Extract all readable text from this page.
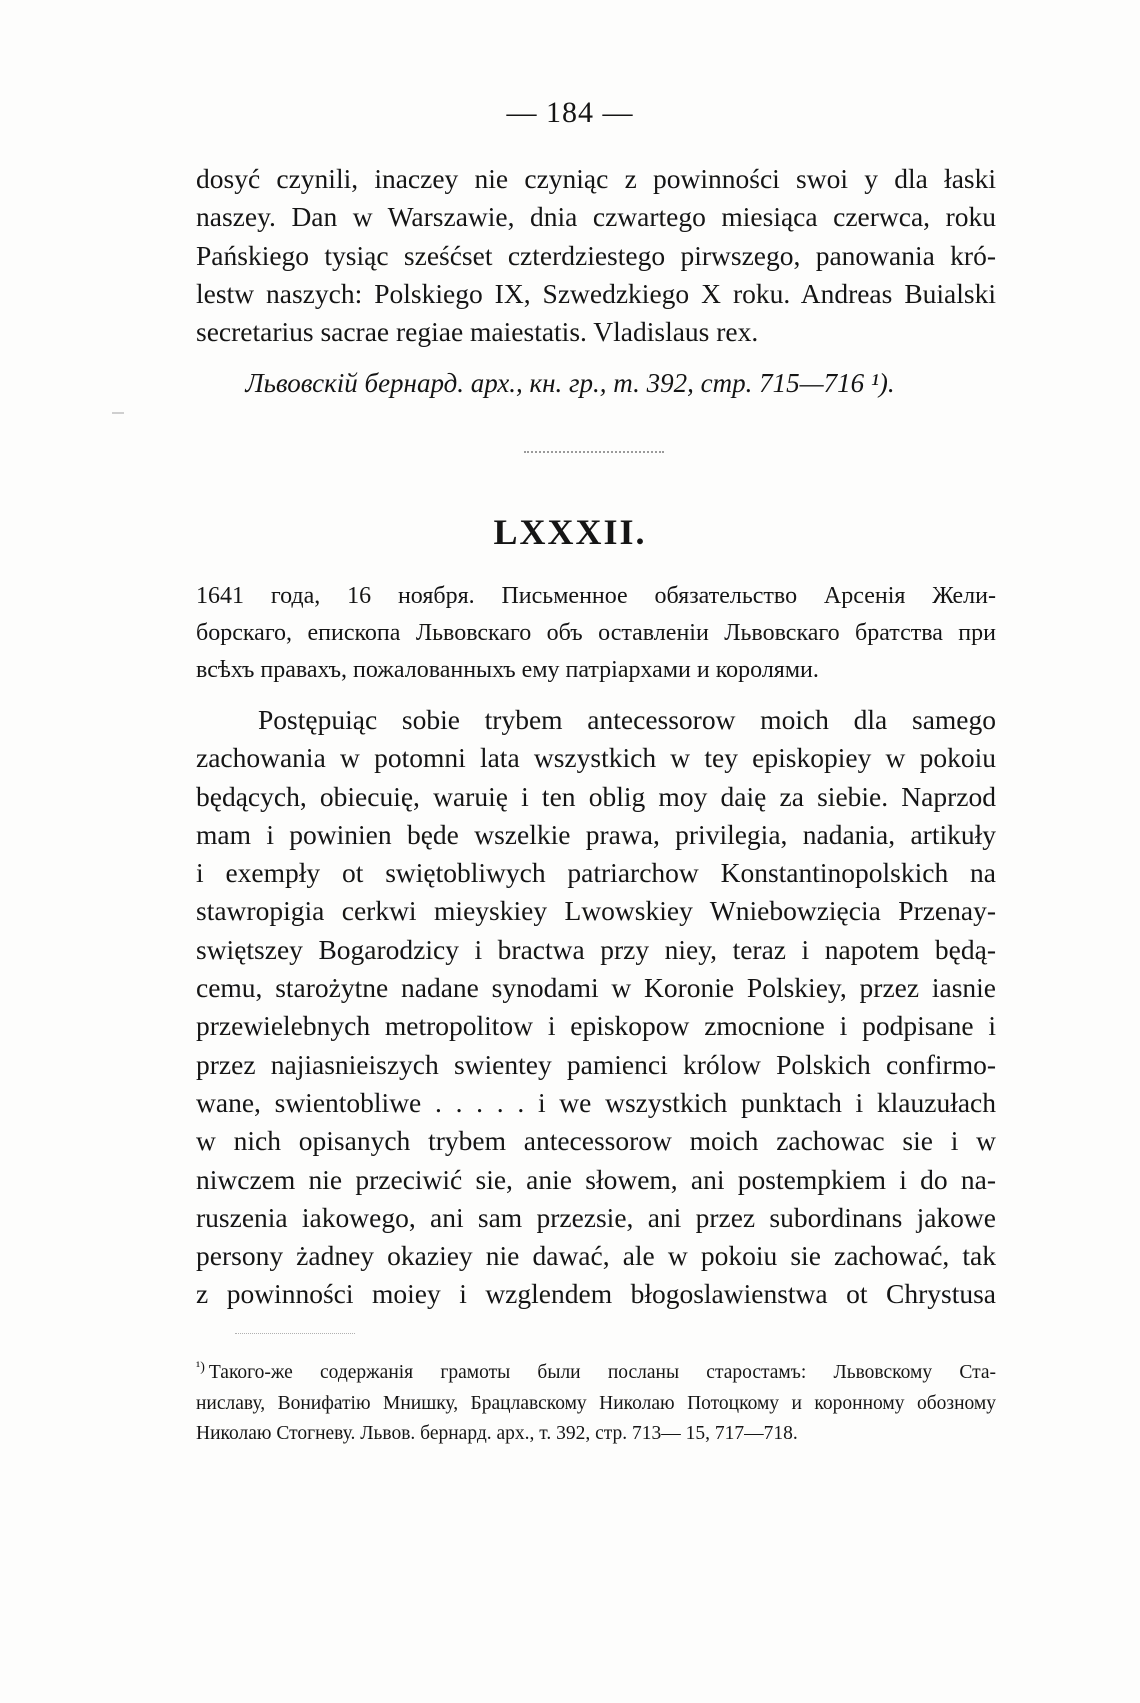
— 184 —
dosyć czynili, inaczey nie czyniąc z powinności swoi y dla łaski
naszey. Dan w Warszawie, dnia czwartego miesiąca czerwca, roku
Pańskiego tysiąc sześćset czterdziestego pirwszego, panowania kró-
lestw naszych: Polskiego IX, Szwedzkiego X roku. Andreas Buialski
secretarius sacrae regiae maiestatis. Vladislaus rex.
Львовскій бернард. арх., кн. гр., т. 392, стр. 715—716 ¹).
LXXXII.
1641 года, 16 ноября. Письменное обязательство Арсенія Жели-
борскаго, епископа Львовскаго объ оставленіи Львовскаго братства при
всѣхъ правахъ, пожалованныхъ ему патріархами и королями.
Postępuiąc sobie trybem antecessorow moich dla samego
zachowania w potomni lata wszystkich w tey episkopiey w pokoiu
będących, obiecuię, waruię i ten oblig moy daię za siebie. Naprzod
mam i powinien będe wszelkie prawa, privilegia, nadania, artikuły
i exempły ot swiętobliwych patriarchow Konstantinopolskich na
stawropigia cerkwi mieyskiey Lwowskiey Wniebowzięcia Przenay-
swiętszey Bogarodzicy i bractwa przy niey, teraz i napotem będą-
cemu, starożytne nadane synodami w Koronie Polskiey, przez iasnie
przewielebnych metropolitow i episkopow zmocnione i podpisane i
przez najiasnieiszych swientey pamienci królow Polskich confirmo-
wane, swientobliwe . . . . . i we wszystkich punktach i klauzułach
w nich opisanych trybem antecessorow moich zachowac sie i w
niwczem nie przeciwić sie, anie słowem, ani postempkiem i do na-
ruszenia iakowego, ani sam przezsie, ani przez subordinans jakowe
persony żadney okaziey nie dawać, ale w pokoiu sie zachować, tak
z powinności moiey i wzglendem błogoslawienstwa ot Chrystusa
¹) Такого-же содержанія грамоты были посланы старостамъ: Львовскому Ста-
ниславу, Вонифатію Мнишку, Брацлавскому Николаю Потоцкому и коронному обозному
Николаю Стогневу. Львов. бернард. арх., т. 392, стр. 713— 15, 717—718.
